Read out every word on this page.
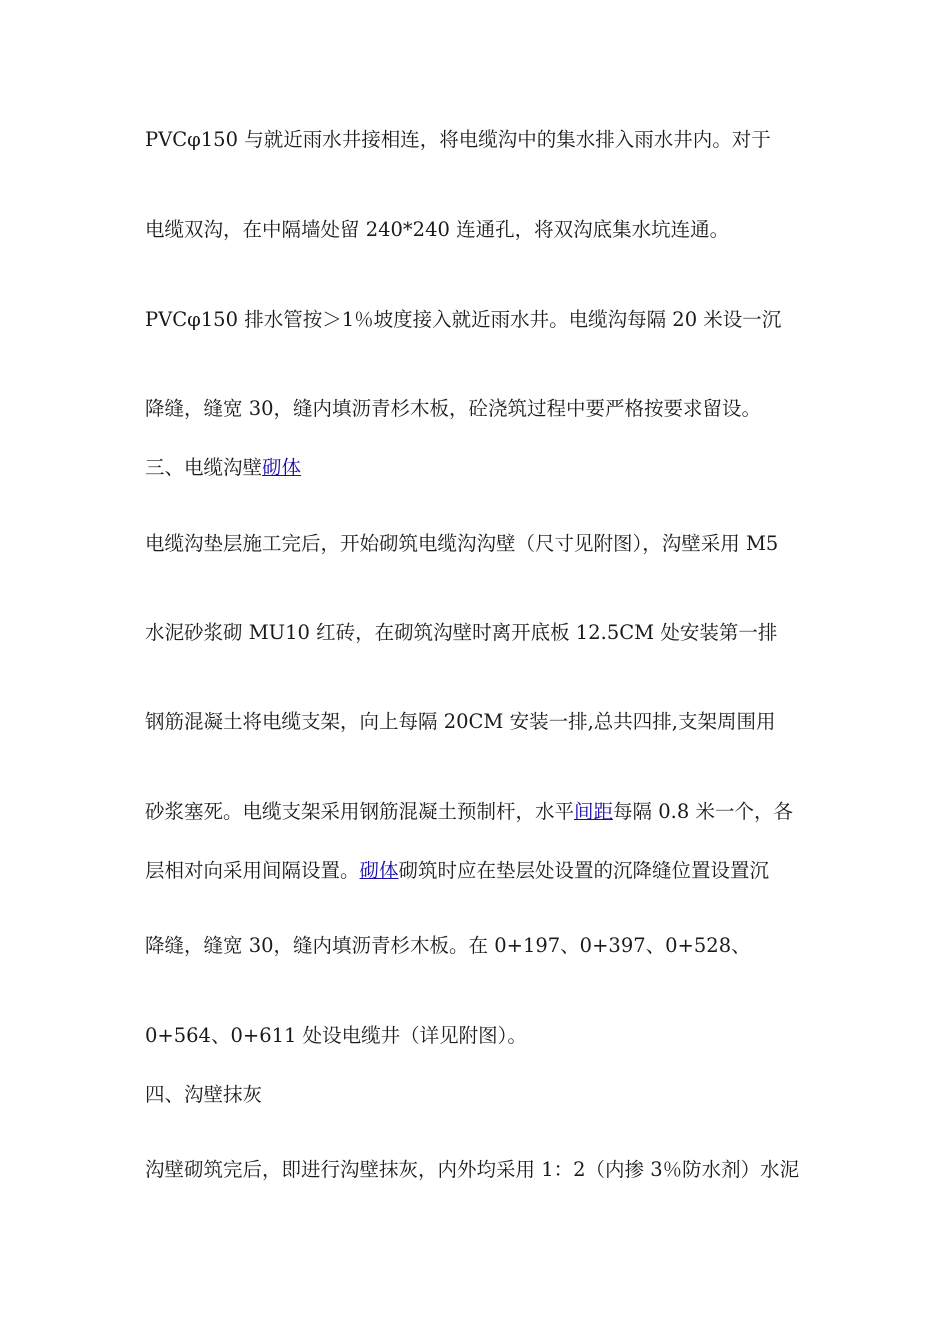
PVCφ150 与就近雨水井接相连，将电缆沟中的集水排入雨水井内。对于
电缆双沟，在中隔墙处留 240*240 连通孔，将双沟底集水坑连通。
PVCφ150 排水管按＞1％坡度接入就近雨水井。电缆沟每隔 20 米设一沉
降缝，缝宽 30，缝内填沥青杉木板，砼浇筑过程中要严格按要求留设。
三、电缆沟壁砌体
电缆沟垫层施工完后，开始砌筑电缆沟沟壁（尺寸见附图），沟壁采用 M5
水泥砂浆砌 MU10 红砖，在砌筑沟壁时离开底板 12.5CM 处安装第一排
钢筋混凝土将电缆支架，向上每隔 20CM 安装一排,总共四排,支架周围用
砂浆塞死。电缆支架采用钢筋混凝土预制杆，水平间距每隔 0.8 米一个，各
层相对向采用间隔设置。砌体砌筑时应在垫层处设置的沉降缝位置设置沉
降缝，缝宽 30，缝内填沥青杉木板。在 0+197、0+397、0+528、
0+564、0+611 处设电缆井（详见附图）。
四、沟壁抹灰
沟壁砌筑完后，即进行沟壁抹灰，内外均采用 1：2（内掺 3％防水剂）水泥
